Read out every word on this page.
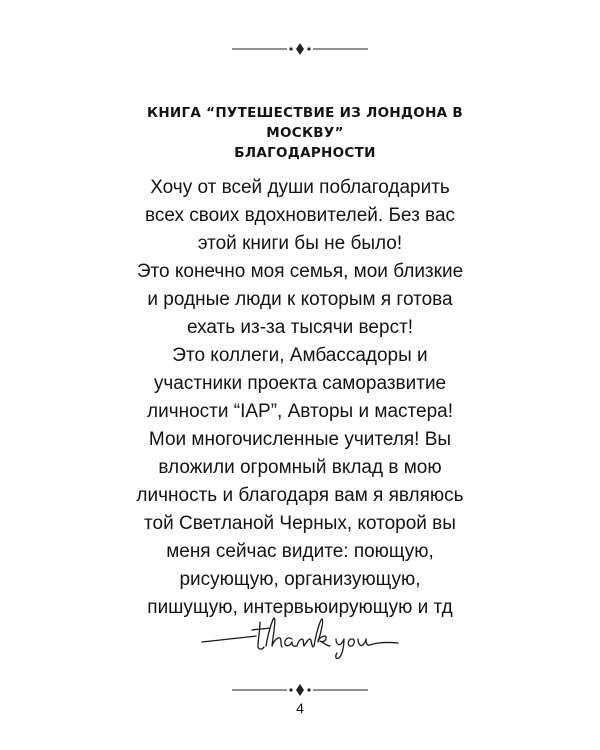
КНИГА “ПУТЕШЕСТВИЕ ИЗ ЛОНДОНА В
МОСКВУ”
БЛАГОДАРНОСТИ
Хочу от всей души поблагодарить
всех своих вдохновителей. Без вас
этой книги бы не было!
Это конечно моя семья, мои близкие
и родные люди к которым я готова
ехать из-за тысячи верст!
Это коллеги, Амбассадоры и
участники проекта саморазвитие
личности “IAP”, Авторы и мастера!
Мои многочисленные учителя! Вы
вложили огромный вклад в мою
личность и благодаря вам я являюсь
той Светланой Черных, которой вы
меня сейчас видите: поющую,
рисующую, организующую,
пишущую, интервьюирующую и тд
4
